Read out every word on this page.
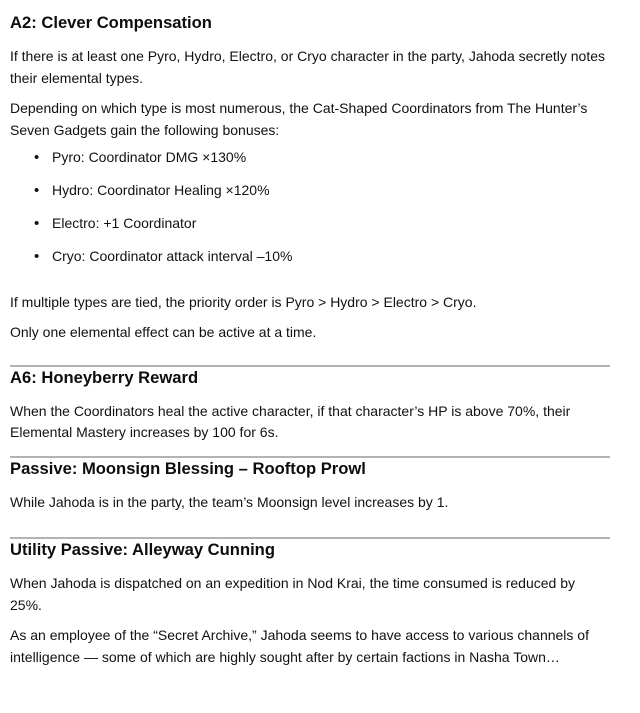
A2: Clever Compensation

If there is at least one Pyro, Hydro, Electro, or Cryo character in the party, Jahoda secretly notes their elemental types.

Depending on which type is most numerous, the Cat-Shaped Coordinators from The Hunter’s Seven Gadgets gain the following bonuses:

• Pyro: Coordinator DMG ×130%
• Hydro: Coordinator Healing ×120%
• Electro: +1 Coordinator
• Cryo: Coordinator attack interval –10%

If multiple types are tied, the priority order is Pyro > Hydro > Electro > Cryo.

Only one elemental effect can be active at a time.

A6: Honeyberry Reward

When the Coordinators heal the active character, if that character’s HP is above 70%, their Elemental Mastery increases by 100 for 6s.

Passive: Moonsign Blessing – Rooftop Prowl

While Jahoda is in the party, the team’s Moonsign level increases by 1.

Utility Passive: Alleyway Cunning

When Jahoda is dispatched on an expedition in Nod Krai, the time consumed is reduced by 25%.

As an employee of the “Secret Archive,” Jahoda seems to have access to various channels of intelligence — some of which are highly sought after by certain factions in Nasha Town…
